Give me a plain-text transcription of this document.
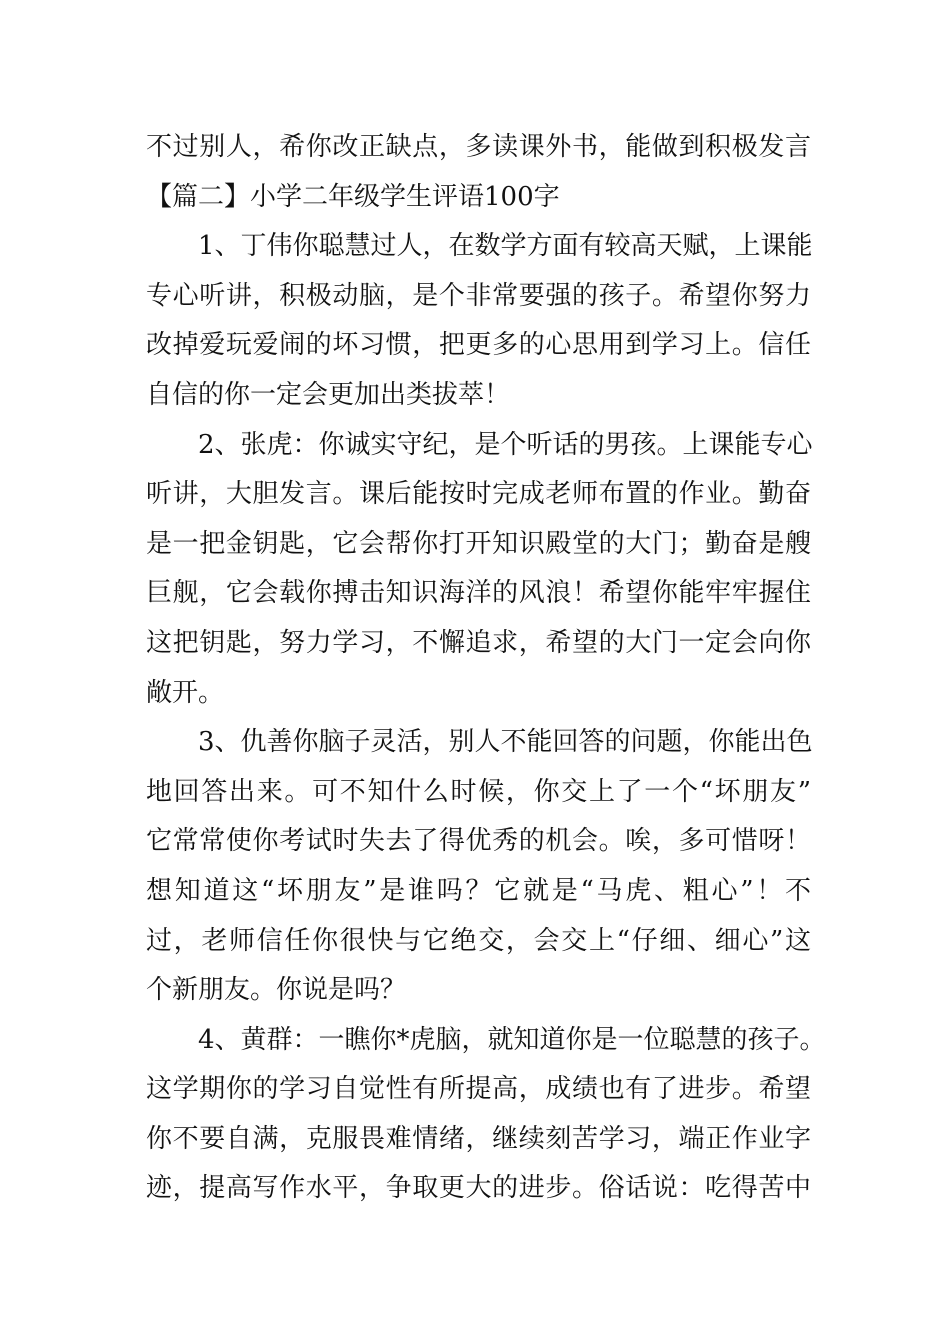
不过别人，希你改正缺点，多读课外书，能做到积极发言
【篇二】小学二年级学生评语100字
1、丁伟你聪慧过人，在数学方面有较高天赋，上课能
专心听讲，积极动脑，是个非常要强的孩子。希望你努力
改掉爱玩爱闹的坏习惯，把更多的心思用到学习上。信任
自信的你一定会更加出类拔萃！
2、张虎：你诚实守纪，是个听话的男孩。上课能专心
听讲，大胆发言。课后能按时完成老师布置的作业。勤奋
是一把金钥匙，它会帮你打开知识殿堂的大门；勤奋是艘
巨舰，它会载你搏击知识海洋的风浪！希望你能牢牢握住
这把钥匙，努力学习，不懈追求，希望的大门一定会向你
敞开。
3、仇善你脑子灵活，别人不能回答的问题，你能出色
地回答出来。可不知什么时候，你交上了一个“坏朋友”
它常常使你考试时失去了得优秀的机会。唉，多可惜呀！
想知道这“坏朋友”是谁吗？它就是“马虎、粗心”！不
过，老师信任你很快与它绝交，会交上“仔细、细心”这
个新朋友。你说是吗？
4、黄群：一瞧你*虎脑，就知道你是一位聪慧的孩子。
这学期你的学习自觉性有所提高，成绩也有了进步。希望
你不要自满，克服畏难情绪，继续刻苦学习，端正作业字
迹，提高写作水平，争取更大的进步。俗话说：吃得苦中
